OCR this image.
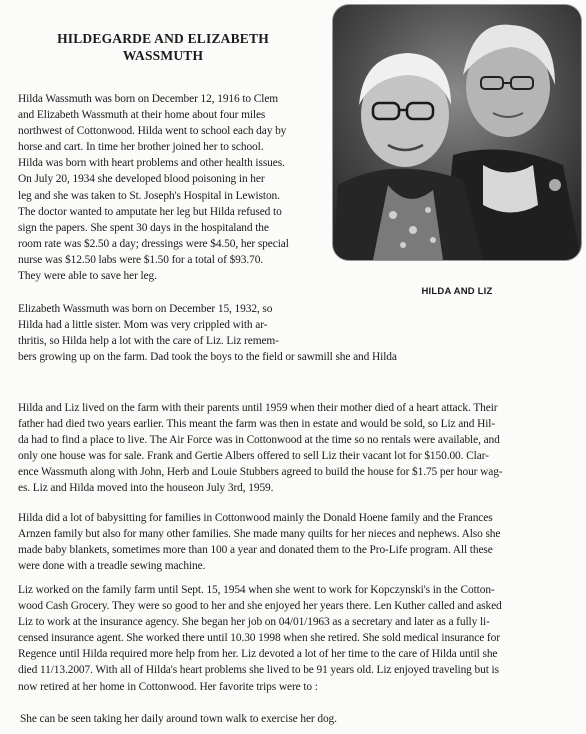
HILDEGARDE AND ELIZABETH
WASSMUTH
Hilda Wassmuth was born on December 12, 1916 to Clem
and Elizabeth Wassmuth at their home about four miles
northwest of Cottonwood. Hilda went to school each day by
horse and cart. In time her brother joined her to school.
Hilda was born with heart problems and other health issues.
On July 20, 1934 she developed blood poisoning in her
leg and she was taken to St. Joseph's Hospital in Lewiston.
The doctor wanted to amputate her leg but Hilda refused to
sign the papers. She spent 30 days in the hospitaland the
room rate was $2.50 a day; dressings were $4.50, her special
nurse was $12.50 labs were $1.50 for a total of $93.70.
They were able to save her leg.
Elizabeth Wassmuth was born on December 15, 1932, so
Hilda had a little sister. Mom was very crippled with ar-
thritis, so Hilda help a lot with the care of Liz. Liz remem-
bers growing up on the farm. Dad took the boys to the field or sawmill she and Hilda
HILDA AND LIZ
Hilda and Liz lived on the farm with their parents until 1959 when their mother died of a heart attack. Their
father had died two years earlier. This meant the farm was then in estate and would be sold, so Liz and Hil-
da had to find a place to live. The Air Force was in Cottonwood at the time so no rentals were available, and
only one house was for sale. Frank and Gertie Albers offered to sell Liz their vacant lot for $150.00. Clar-
ence Wassmuth along with John, Herb and Louie Stubbers agreed to build the house for $1.75 per hour wag-
es. Liz and Hilda moved into the houseon July 3rd, 1959.
Hilda did a lot of babysitting for families in Cottonwood mainly the Donald Hoene family and the Frances
Arnzen family but also for many other families. She made many quilts for her nieces and nephews. Also she
made baby blankets, sometimes more than 100 a year and donated them to the Pro-Life program. All these
were done with a treadle sewing machine.
Liz worked on the family farm until Sept. 15, 1954 when she went to work for Kopczynski's in the Cotton-
wood Cash Grocery. They were so good to her and she enjoyed her years there. Len Kuther called and asked
Liz to work at the insurance agency. She began her job on 04/01/1963 as a secretary and later as a fully li-
censed insurance agent. She worked there until 10.30 1998 when she retired. She sold medical insurance for
Regence until Hilda required more help from her. Liz devoted a lot of her time to the care of Hilda until she
died 11/13.2007. With all of Hilda's heart problems she lived to be 91 years old. Liz enjoyed traveling but is
now retired at her home in Cottonwood. Her favorite trips were to :
She can be seen taking her daily around town walk to exercise her dog.
